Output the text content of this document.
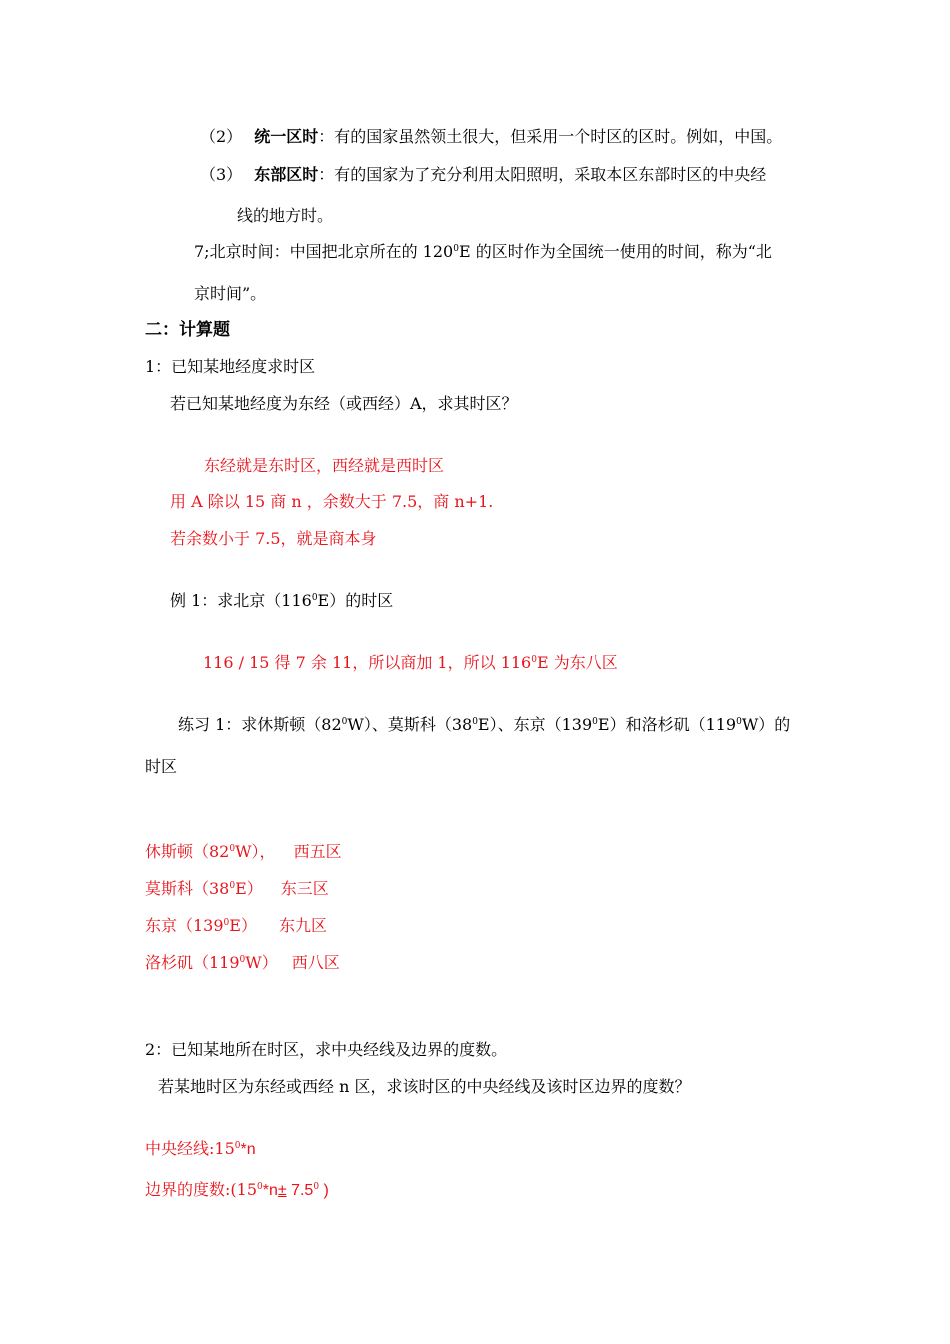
（2） 统一区时：有的国家虽然领土很大，但采用一个时区的区时。例如，中国。
（3） 东部区时：有的国家为了充分利用太阳照明，采取本区东部时区的中央经
线的地方时。
7;北京时间：中国把北京所在的 $120^0E$ 的区时作为全国统一使用的时间，称为“北
京时间”。
二：计算题
1：已知某地经度求时区
若已知某地经度为东经（或西经）A，求其时区？
东经就是东时区，西经就是西时区
用 A 除以 15 商 n ，余数大于 7.5，商 n+1.
若余数小于 7.5，就是商本身
例 1：求北京$(116^0E)$的时区
116 / 15 得 7 余 11，所以商加 1，所以 $116^0E$ 为东八区
练习 1：求休斯顿$(82^0W)$、莫斯科$(38^0E)$、东京$(139^0E)$和洛杉矶$(119^0W)$的
时区
休斯顿$(82^0W)$， 西五区
莫斯科$(38^0E)$ 东三区
东京$(139^0E)$ 东九区
洛杉矶$(119^0W)$ 西八区
2：已知某地所在时区，求中央经线及边界的度数。
若某地时区为东经或西经 n 区，求该时区的中央经线及该时区边界的度数？
中央经线$:15^0*n$
边界的度数$:(15^0*n\pm 7.5^0$ )
